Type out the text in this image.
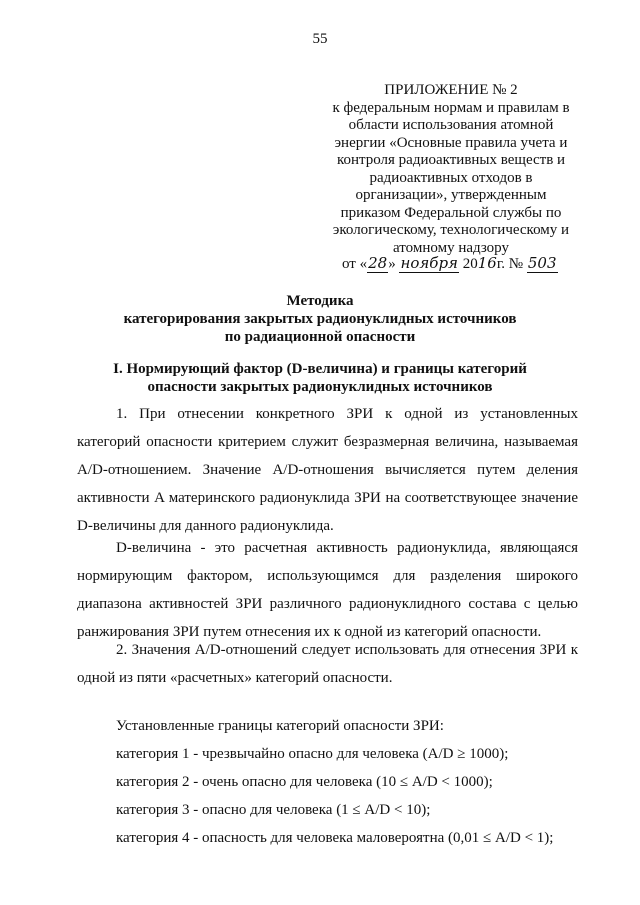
55
ПРИЛОЖЕНИЕ № 2
к федеральным нормам и правилам в
области использования атомной
энергии «Основные правила учета и
контроля радиоактивных веществ и
радиоактивных отходов в
организации», утвержденным
приказом Федеральной службы по
экологическому, технологическому и
атомному надзору
от «28» ноября 2016г. № 503
Методика
категорирования закрытых радионуклидных источников
по радиационной опасности
I. Нормирующий фактор (D-величина) и границы категорий
опасности закрытых радионуклидных источников

1. При отнесении конкретного ЗРИ к одной из установленных категорий опасности критерием служит безразмерная величина, называемая A/D-отношением. Значение A/D-отношения вычисляется путем деления активности A материнского радионуклида ЗРИ на соответствующее значение D-величины для данного радионуклида.

D-величина - это расчетная активность радионуклида, являющаяся нормирующим фактором, использующимся для разделения широкого диапазона активностей ЗРИ различного радионуклидного состава с целью ранжирования ЗРИ путем отнесения их к одной из категорий опасности.

2. Значения A/D-отношений следует использовать для отнесения ЗРИ к одной из пяти «расчетных» категорий опасности.

Установленные границы категорий опасности ЗРИ:
категория 1 - чрезвычайно опасно для человека (A/D ≥ 1000);
категория 2 - очень опасно для человека (10 ≤ A/D < 1000);
категория 3 - опасно для человека (1 ≤ A/D < 10);
категория 4 - опасность для человека маловероятна (0,01 ≤ A/D < 1);
